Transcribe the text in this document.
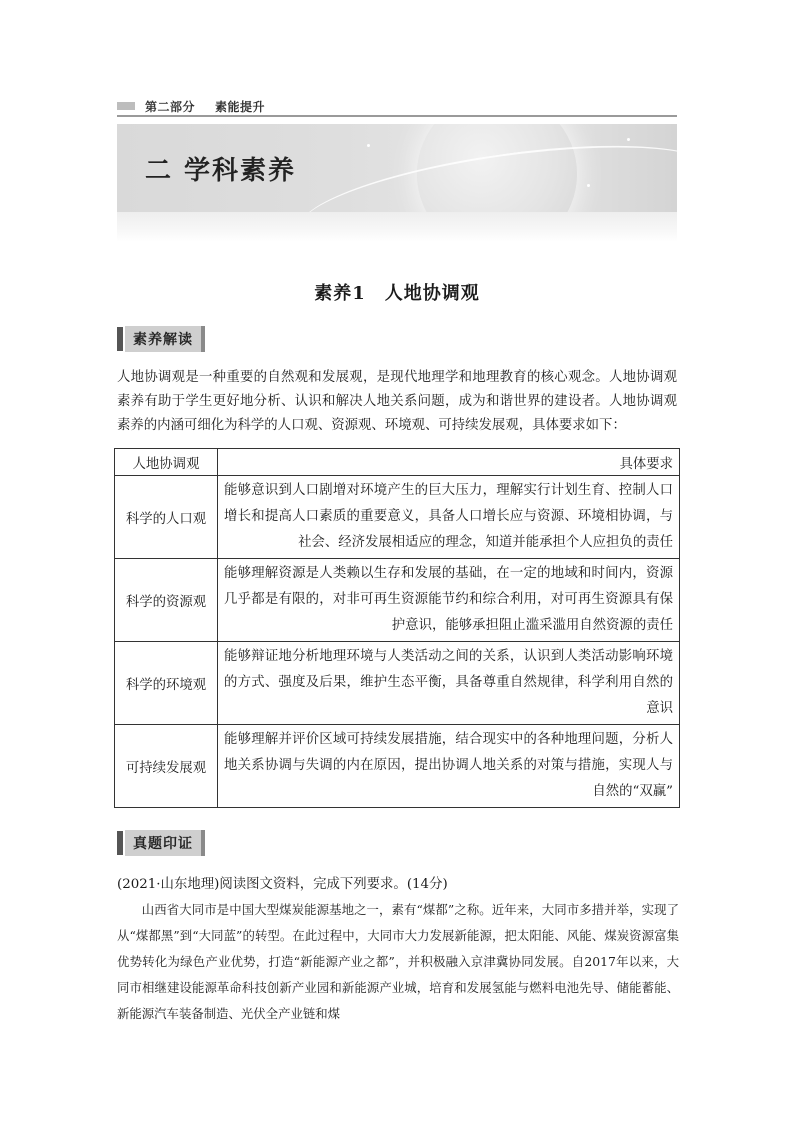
第二部分 素能提升
二 学科素养
素养1　人地协调观
素养解读
人地协调观是一种重要的自然观和发展观，是现代地理学和地理教育的核心观念。人地协调观素养有助于学生更好地分析、认识和解决人地关系问题，成为和谐世界的建设者。人地协调观素养的内涵可细化为科学的人口观、资源观、环境观、可持续发展观，具体要求如下：
人地协调观	具体要求
科学的人口观	能够意识到人口剧增对环境产生的巨大压力，理解实行计划生育、控制人口增长和提高人口素质的重要意义，具备人口增长应与资源、环境相协调，与社会、经济发展相适应的理念，知道并能承担个人应担负的责任
科学的资源观	能够理解资源是人类赖以生存和发展的基础，在一定的地域和时间内，资源几乎都是有限的，对非可再生资源能节约和综合利用，对可再生资源具有保护意识，能够承担阻止滥采滥用自然资源的责任
科学的环境观	能够辩证地分析地理环境与人类活动之间的关系，认识到人类活动影响环境的方式、强度及后果，维护生态平衡，具备尊重自然规律，科学利用自然的意识
可持续发展观	能够理解并评价区域可持续发展措施，结合现实中的各种地理问题，分析人地关系协调与失调的内在原因，提出协调人地关系的对策与措施，实现人与自然的“双赢”
真题印证
(2021·山东地理)阅读图文资料，完成下列要求。(14分)
山西省大同市是中国大型煤炭能源基地之一，素有“煤都”之称。近年来，大同市多措并举，实现了从“煤都黑”到“大同蓝”的转型。在此过程中，大同市大力发展新能源，把太阳能、风能、煤炭资源富集优势转化为绿色产业优势，打造“新能源产业之都”，并积极融入京津冀协同发展。自2017年以来，大同市相继建设能源革命科技创新产业园和新能源产业城，培育和发展氢能与燃料电池先导、储能蓄能、新能源汽车装备制造、光伏全产业链和煤
